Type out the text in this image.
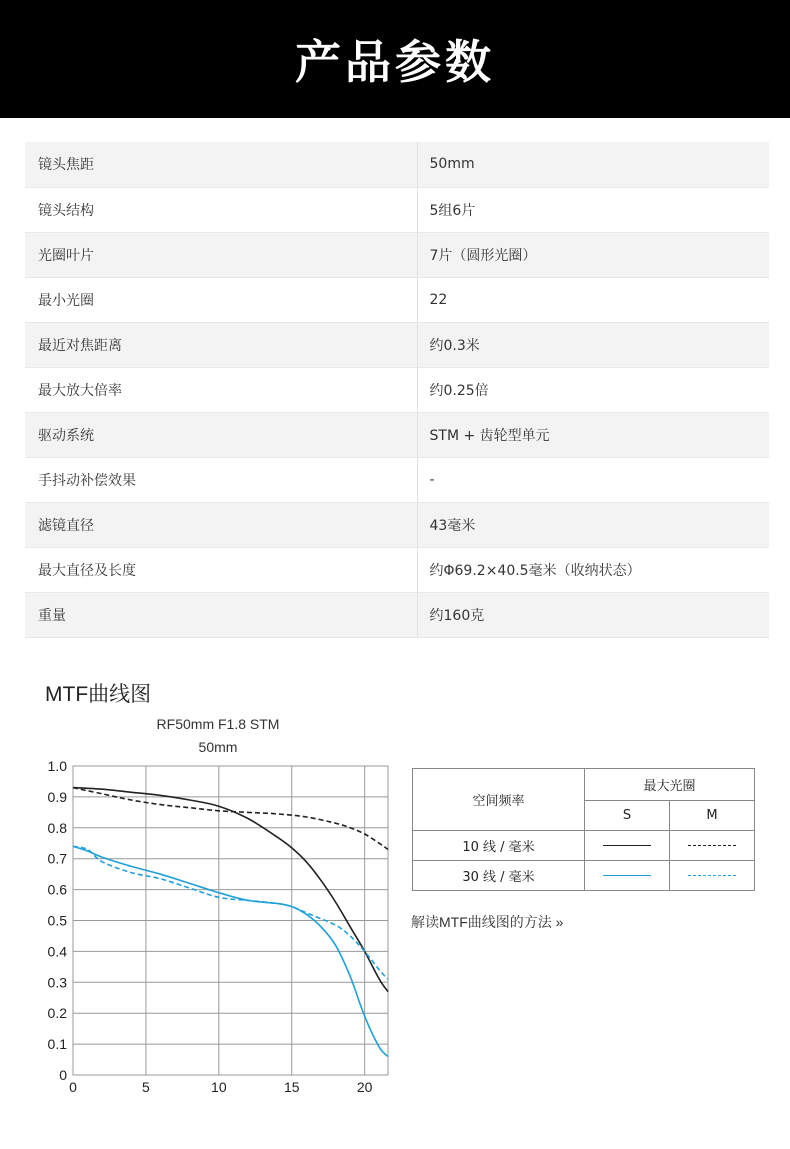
产品参数
镜头焦距	50mm
镜头结构	5组6片
光圈叶片	7片（圆形光圈）
最小光圈	22
最近对焦距离	约0.3米
最大放大倍率	约0.25倍
驱动系统	STM + 齿轮型单元
手抖动补偿效果	-
滤镜直径	43毫米
最大直径及长度	约Φ69.2×40.5毫米（收纳状态）
重量	约160克
MTF曲线图
RF50mm F1.8 STM
50mm
0
0.1
0.2
0.3
0.4
0.5
0.6
0.7
0.8
0.9
1.0
0	5	10	15	20
空间频率	最大光圈	
	S	M
10 线 / 毫米		
30 线 / 毫米		
解读MTF曲线图的方法 »
